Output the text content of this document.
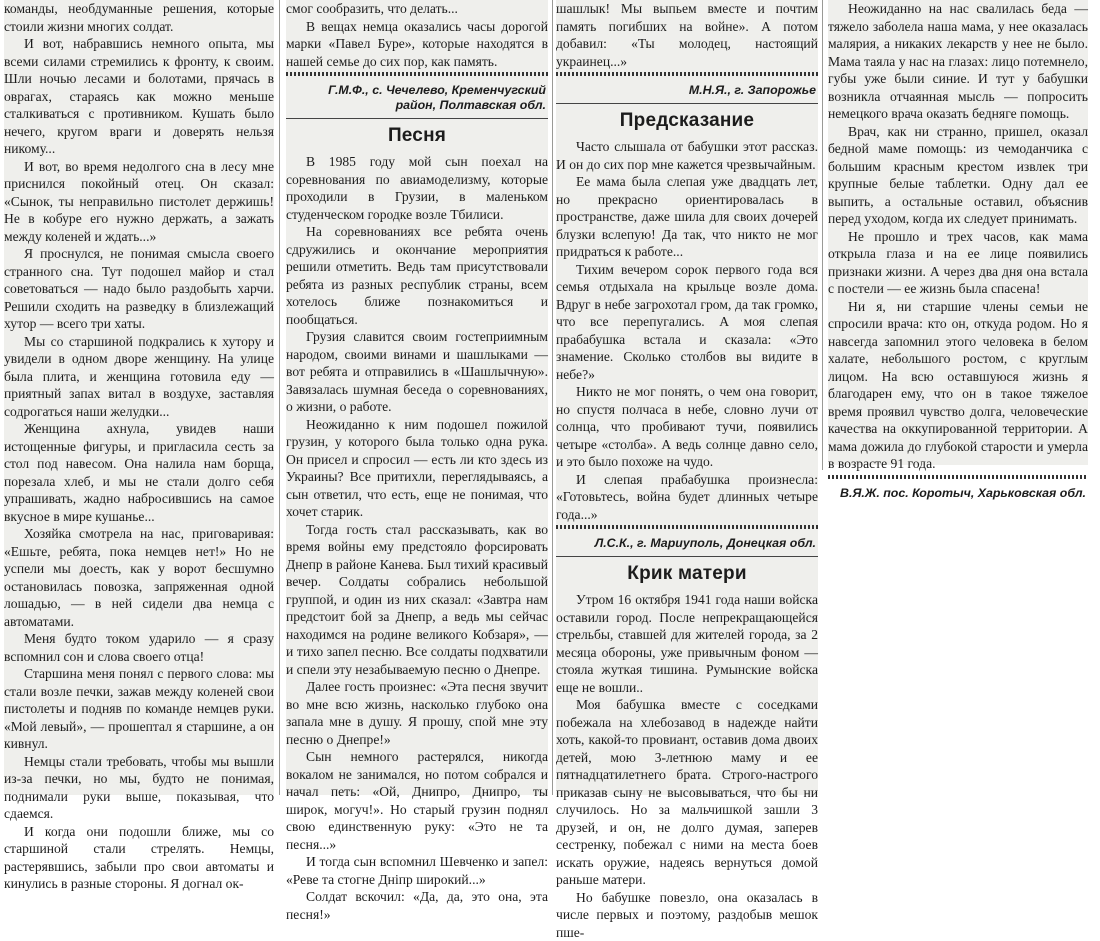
команды, необдуманные решения, которые стоили жизни многих солдат.

И вот, набравшись немного опыта, мы всеми силами стремились к фронту, к своим. Шли ночью лесами и болотами, прячась в оврагах, стараясь как можно меньше сталкиваться с противником. Кушать было нечего, кругом враги и доверять нельзя никому...

И вот, во время недолгого сна в лесу мне приснился покойный отец. Он сказал: «Сынок, ты неправильно пистолет держишь! Не в кобуре его нужно держать, а зажать между коленей и ждать...»

Я проснулся, не понимая смысла своего странного сна. Тут подошел майор и стал советоваться — надо было раздобыть харчи. Решили сходить на разведку в близлежащий хутор — всего три хаты.

Мы со старшиной подкрались к хутору и увидели в одном дворе женщину. На улице была плита, и женщина готовила еду — приятный запах витал в воздухе, заставляя содрогаться наши желудки...

Женщина ахнула, увидев наши истощенные фигуры, и пригласила сесть за стол под навесом. Она налила нам борща, порезала хлеб, и мы не стали долго себя упрашивать, жадно набросившись на самое вкусное в мире кушанье...

Хозяйка смотрела на нас, приговаривая: «Ешьте, ребята, пока немцев нет!» Но не успели мы доесть, как у ворот бесшумно остановилась повозка, запряженная одной лошадью, — в ней сидели два немца с автоматами.

Меня будто током ударило — я сразу вспомнил сон и слова своего отца!

Старшина меня понял с первого слова: мы стали возле печки, зажав между коленей свои пистолеты и подняв по команде немцев руки. «Мой левый», — прошептал я старшине, а он кивнул.

Немцы стали требовать, чтобы мы вышли из-за печки, но мы, будто не понимая, поднимали руки выше, показывая, что сдаемся.

И когда они подошли ближе, мы со старшиной стали стрелять. Немцы, растерявшись, забыли про свои автоматы и кинулись в разные стороны. Я догнал ок-

смог сообразить, что делать...

В вещах немца оказались часы дорогой марки «Павел Буре», которые находятся в нашей семье до сих пор, как память.

Г.М.Ф., с. Чечелево, Кременчугский район, Полтавская обл.
Песня

В 1985 году мой сын поехал на соревнования по авиамоделизму, которые проходили в Грузии, в маленьком студенческом городке возле Тбилиси.

На соревнованиях все ребята очень сдружились и окончание мероприятия решили отметить. Ведь там присутствовали ребята из разных республик страны, всем хотелось ближе познакомиться и пообщаться.

Грузия славится своим гостеприимным народом, своими винами и шашлыками — вот ребята и отправились в «Шашлычную». Завязалась шумная беседа о соревнованиях, о жизни, о работе.

Неожиданно к ним подошел пожилой грузин, у которого была только одна рука. Он присел и спросил — есть ли кто здесь из Украины? Все притихли, переглядываясь, а сын ответил, что есть, еще не понимая, что хочет старик.

Тогда гость стал рассказывать, как во время войны ему предстояло форсировать Днепр в районе Канева. Был тихий красивый вечер. Солдаты собрались небольшой группой, и один из них сказал: «Завтра нам предстоит бой за Днепр, а ведь мы сейчас находимся на родине великого Кобзаря», — и тихо запел песню. Все солдаты подхватили и спели эту незабываемую песню о Днепре.

Далее гость произнес: «Эта песня звучит во мне всю жизнь, насколько глубоко она запала мне в душу. Я прошу, спой мне эту песню о Днепре!»

Сын немного растерялся, никогда вокалом не занимался, но потом собрался и начал петь: «Ой, Днипро, Днипро, ты широк, могуч!». Но старый грузин поднял свою единственную руку: «Это не та песня...»

И тогда сын вспомнил Шевченко и запел: «Реве та стогне Днiпр широкий...»

Солдат вскочил: «Да, да, это она, эта песня!»

шашлык! Мы выпьем вместе и почтим память погибших на войне». А потом добавил: «Ты молодец, настоящий украинец...»

М.Н.Я., г. Запорожье
Предсказание

Часто слышала от бабушки этот рассказ. И он до сих пор мне кажется чрезвычайным.

Ее мама была слепая уже двадцать лет, но прекрасно ориентировалась в пространстве, даже шила для своих дочерей блузки вслепую! Да так, что никто не мог придраться к работе...

Тихим вечером сорок первого года вся семья отдыхала на крыльце возле дома. Вдруг в небе загрохотал гром, да так громко, что все перепугались. А моя слепая прабабушка встала и сказала: «Это знамение. Сколько столбов вы видите в небе?»

Никто не мог понять, о чем она говорит, но спустя полчаса в небе, словно лучи от солнца, что пробивают тучи, появились четыре «столба». А ведь солнце давно село, и это было похоже на чудо.

И слепая прабабушка произнесла: «Готовьтесь, война будет длинных четыре года...»

Л.С.К., г. Мариуполь, Донецкая обл.
Крик матери

Утром 16 октября 1941 года наши войска оставили город. После непрекращающейся стрельбы, ставшей для жителей города, за 2 месяца обороны, уже привычным фоном — стояла жуткая тишина. Румынские войска еще не вошли..

Моя бабушка вместе с соседками побежала на хлебозавод в надежде найти хоть, какой-то провиант, оставив дома двоих детей, мою 3-летнюю маму и ее пятнадцатилетнего брата. Строго-настрого приказав сыну не высовываться, что бы ни случилось. Но за мальчишкой зашли 3 друзей, и он, не долго думая, заперев сестренку, побежал с ними на места боев искать оружие, надеясь вернуться домой раньше матери.

Но бабушке повезло, она оказалась в числе первых и поэтому, раздобыв мешок пше-

Неожиданно на нас свалилась беда — тяжело заболела наша мама, у нее оказалась малярия, а никаких лекарств у нее не было. Мама таяла у нас на глазах: лицо потемнело, губы уже были синие. И тут у бабушки возникла отчаянная мысль — попросить немецкого врача оказать бедняге помощь.

Врач, как ни странно, пришел, оказал бедной маме помощь: из чемоданчика с большим красным крестом извлек три крупные белые таблетки. Одну дал ее выпить, а остальные оставил, объяснив перед уходом, когда их следует принимать.

Не прошло и трех часов, как мама открыла глаза и на ее лице появились признаки жизни. А через два дня она встала с постели — ее жизнь была спасена!

Ни я, ни старшие члены семьи не спросили врача: кто он, откуда родом. Но я навсегда запомнил этого человека в белом халате, небольшого ростом, с круглым лицом. На всю оставшуюся жизнь я благодарен ему, что он в такое тяжелое время проявил чувство долга, человеческие качества на оккупированной территории. А мама дожила до глубокой старости и умерла в возрасте 91 года.

В.Я.Ж. пос. Коротыч, Харьковская обл.
